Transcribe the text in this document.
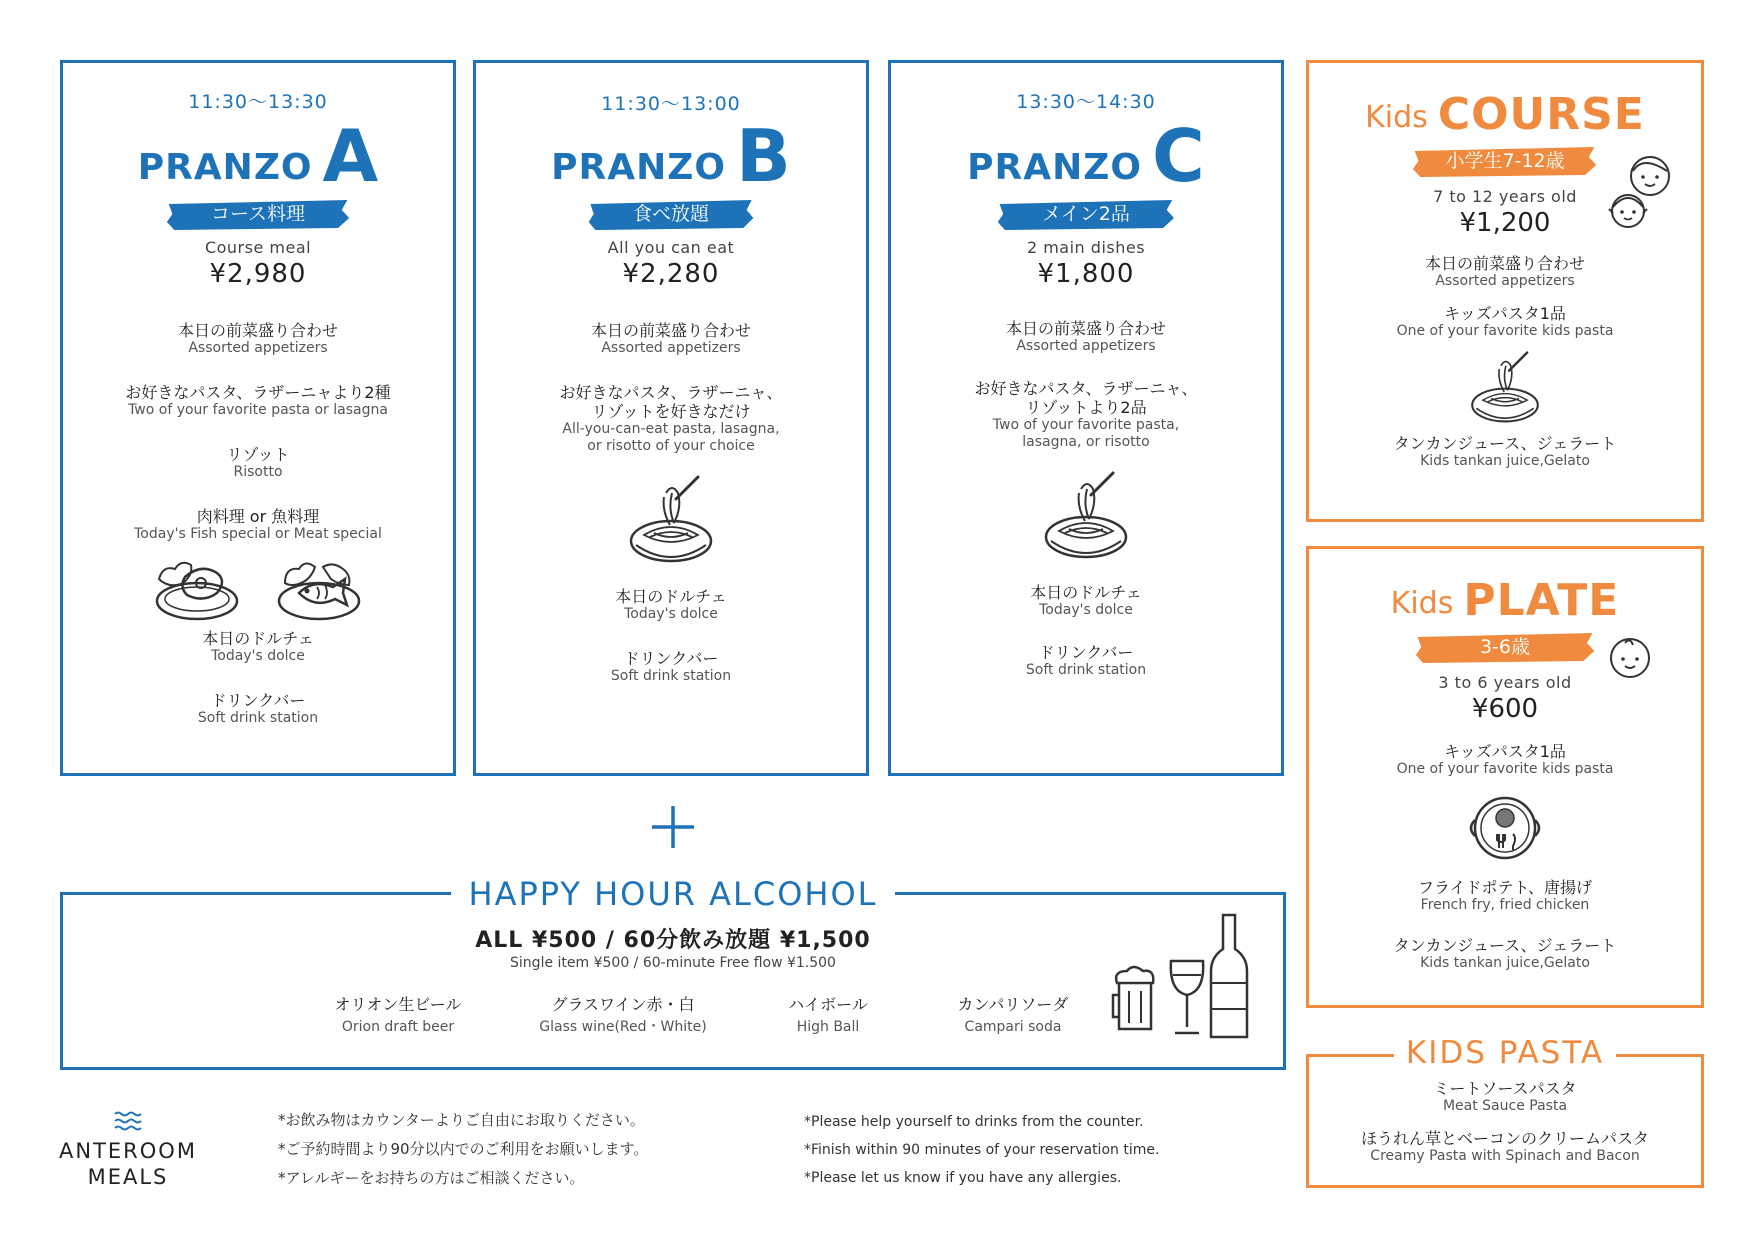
11:30〜13:30
PRANZO A
コース料理
Course meal
¥2,980
本日の前菜盛り合わせ
Assorted appetizers
お好きなパスタ、ラザーニャより2種
Two of your favorite pasta or lasagna
リゾット
Risotto
肉料理 or 魚料理
Today's Fish special or Meat special
本日のドルチェ
Today's dolce
ドリンクバー
Soft drink station
11:30〜13:00
PRANZO B
食べ放題
All you can eat
¥2,280
本日の前菜盛り合わせ
Assorted appetizers
お好きなパスタ、ラザーニャ、
リゾットを好きなだけ
All-you-can-eat pasta, lasagna,
or risotto of your choice
本日のドルチェ
Today's dolce
ドリンクバー
Soft drink station
13:30〜14:30
PRANZO C
メイン2品
2 main dishes
¥1,800
本日の前菜盛り合わせ
Assorted appetizers
お好きなパスタ、ラザーニャ、
リゾットより2品
Two of your favorite pasta,
lasagna, or risotto
本日のドルチェ
Today's dolce
ドリンクバー
Soft drink station
Kids COURSE
小学生7-12歳
7 to 12 years old
¥1,200
本日の前菜盛り合わせ
Assorted appetizers
キッズパスタ1品
One of your favorite kids pasta
タンカンジュース、ジェラート
Kids tankan juice,Gelato
Kids PLATE
3-6歳
3 to 6 years old
¥600
キッズパスタ1品
One of your favorite kids pasta
フライドポテト、唐揚げ
French fry, fried chicken
タンカンジュース、ジェラート
Kids tankan juice,Gelato
HAPPY HOUR ALCOHOL
ALL ¥500 / 60分飲み放題 ¥1,500
Single item ¥500 / 60-minute Free flow ¥1.500
オリオン生ビール
Orion draft beer
グラスワイン赤・白
Glass wine(Red・White)
ハイボール
High Ball
カンパリソーダ
Campari soda
KIDS PASTA
ミートソースパスタ
Meat Sauce Pasta
ほうれん草とベーコンのクリームパスタ
Creamy Pasta with Spinach and Bacon
ANTEROOM
MEALS
*お飲み物はカウンターよりご自由にお取りください。
*ご予約時間より90分以内でのご利用をお願いします。
*アレルギーをお持ちの方はご相談ください。
*Please help yourself to drinks from the counter.
*Finish within 90 minutes of your reservation time.
*Please let us know if you have any allergies.
